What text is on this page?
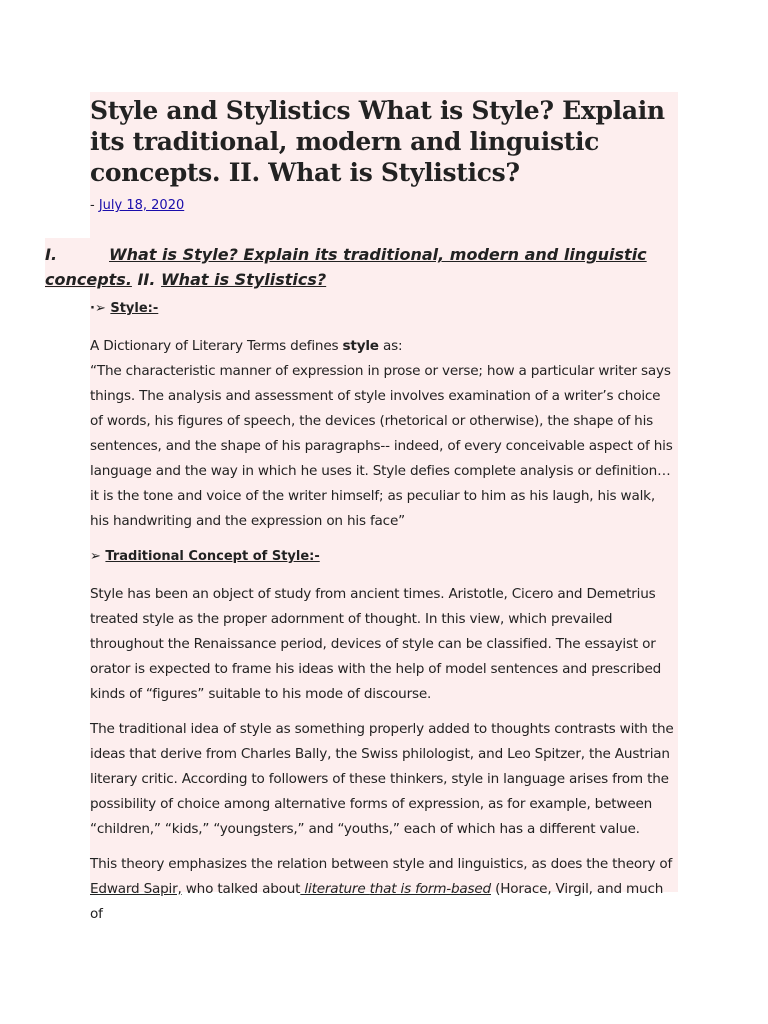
Style and Stylistics What is Style? Explain its traditional, modern and linguistic concepts. II. What is Stylistics?
- July 18, 2020
I.	What is Style? Explain its traditional, modern and linguistic concepts. II. What is Stylistics?
·➢ Style:-

A Dictionary of Literary Terms defines style as:
“The characteristic manner of expression in prose or verse; how a particular writer says things. The analysis and assessment of style involves examination of a writer’s choice of words, his figures of speech, the devices (rhetorical or otherwise), the shape of his sentences, and the shape of his paragraphs-- indeed, of every conceivable aspect of his language and the way in which he uses it. Style defies complete analysis or definition… it is the tone and voice of the writer himself; as peculiar to him as his laugh, his walk, his handwriting and the expression on his face”

➢ Traditional Concept of Style:-

Style has been an object of study from ancient times. Aristotle, Cicero and Demetrius treated style as the proper adornment of thought. In this view, which prevailed throughout the Renaissance period, devices of style can be classified. The essayist or orator is expected to frame his ideas with the help of model sentences and prescribed kinds of “figures” suitable to his mode of discourse.

The traditional idea of style as something properly added to thoughts contrasts with the ideas that derive from Charles Bally, the Swiss philologist, and Leo Spitzer, the Austrian literary critic. According to followers of these thinkers, style in language arises from the possibility of choice among alternative forms of expression, as for example, between “children,” “kids,” “youngsters,” and “youths,” each of which has a different value.

This theory emphasizes the relation between style and linguistics, as does the theory of
Edward Sapir, who talked about literature that is form-based (Horace, Virgil, and much of
